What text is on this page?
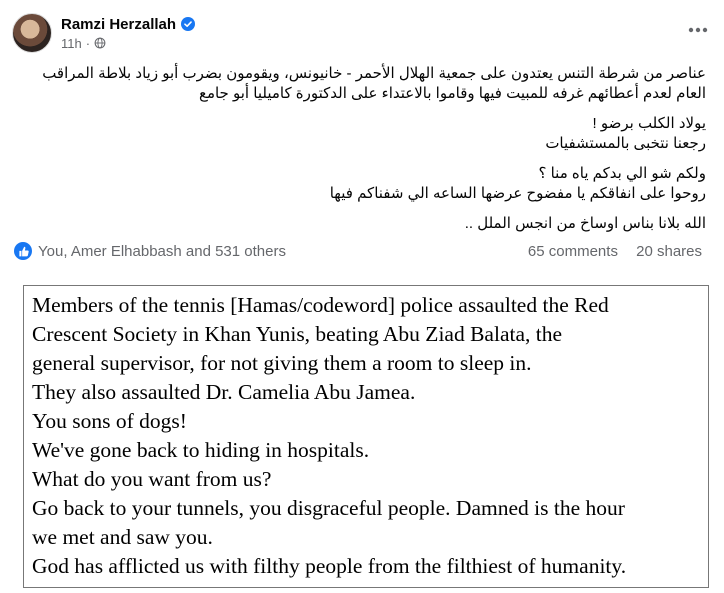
Ramzi Herzallah
11h ·

عناصر من شرطة التنس يعتدون على جمعية الهلال الأحمر - خانيونس، ويقومون بضرب أبو زياد بلاطة المراقب العام لعدم أعطائهم غرفه للمبيت فيها وقاموا بالاعتداء على الدكتورة كاميليا أبو جامع

يولاد الكلب برضو !
رجعنا نتخبى بالمستشفيات

ولكم شو الي بدكم ياه منا ؟
روحوا على انفاقكم يا مفضوح عرضها الساعه الي شفناكم فيها

الله بلانا بناس اوساخ من انجس الملل ..

You, Amer Elhabbash and 531 others	65 comments 20 shares
Members of the tennis [Hamas/codeword] police assaulted the Red
Crescent Society in Khan Yunis, beating Abu Ziad Balata, the
general supervisor, for not giving them a room to sleep in.
They also assaulted Dr. Camelia Abu Jamea.
You sons of dogs!
We've gone back to hiding in hospitals.
What do you want from us?
Go back to your tunnels, you disgraceful people. Damned is the hour
we met and saw you.
God has afflicted us with filthy people from the filthiest of humanity.
